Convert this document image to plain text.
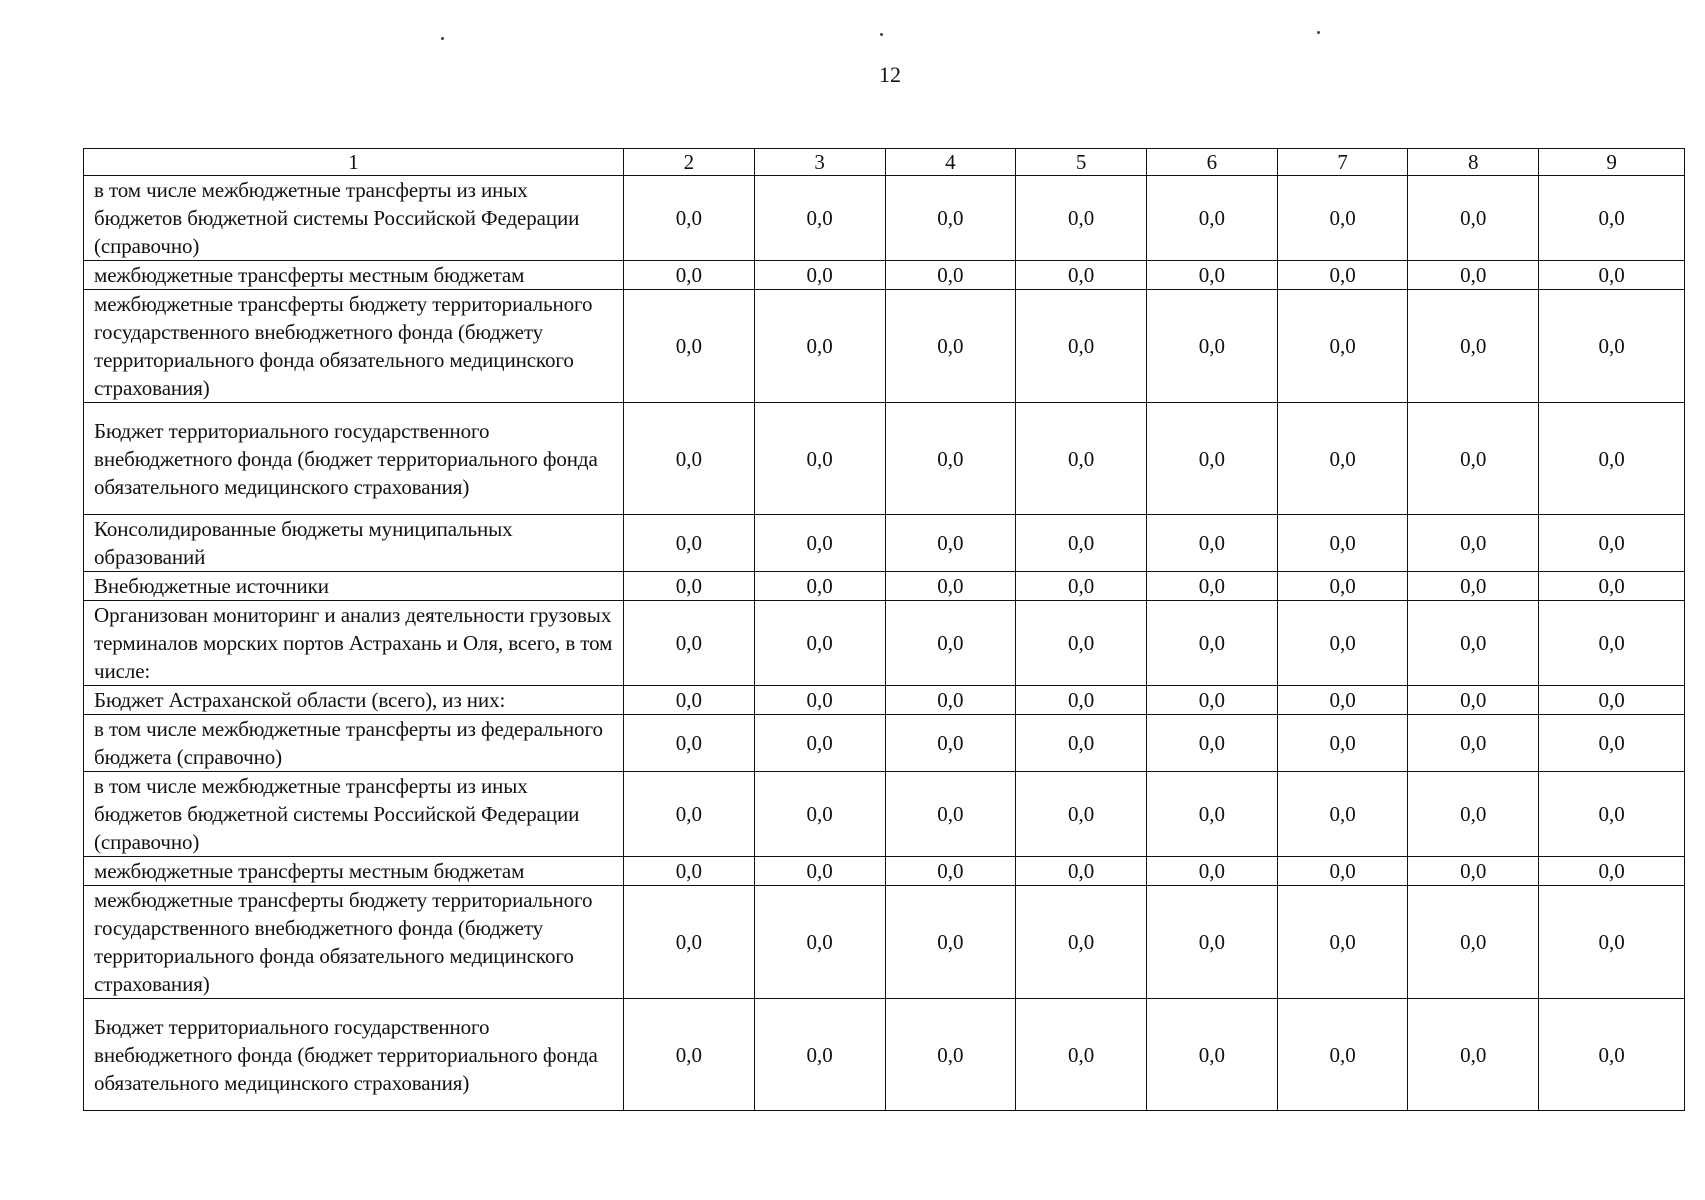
12
1	2	3	4	5	6	7	8	9
в том числе межбюджетные трансферты из иных бюджетов бюджетной системы Российской Федерации (справочно)	0,0	0,0	0,0	0,0	0,0	0,0	0,0	0,0
межбюджетные трансферты местным бюджетам	0,0	0,0	0,0	0,0	0,0	0,0	0,0	0,0
межбюджетные трансферты бюджету территориального государственного внебюджетного фонда (бюджету территориального фонда обязательного медицинского страхования)	0,0	0,0	0,0	0,0	0,0	0,0	0,0	0,0
Бюджет территориального государственного внебюджетного фонда (бюджет территориального фонда обязательного медицинского страхования)	0,0	0,0	0,0	0,0	0,0	0,0	0,0	0,0
Консолидированные бюджеты муниципальных образований	0,0	0,0	0,0	0,0	0,0	0,0	0,0	0,0
Внебюджетные источники	0,0	0,0	0,0	0,0	0,0	0,0	0,0	0,0
Организован мониторинг и анализ деятельности грузовых терминалов морских портов Астрахань и Оля, всего, в том числе:	0,0	0,0	0,0	0,0	0,0	0,0	0,0	0,0
Бюджет Астраханской области (всего), из них:	0,0	0,0	0,0	0,0	0,0	0,0	0,0	0,0
в том числе межбюджетные трансферты из федерального бюджета (справочно)	0,0	0,0	0,0	0,0	0,0	0,0	0,0	0,0
в том числе межбюджетные трансферты из иных бюджетов бюджетной системы Российской Федерации (справочно)	0,0	0,0	0,0	0,0	0,0	0,0	0,0	0,0
межбюджетные трансферты местным бюджетам	0,0	0,0	0,0	0,0	0,0	0,0	0,0	0,0
межбюджетные трансферты бюджету территориального государственного внебюджетного фонда (бюджету территориального фонда обязательного медицинского страхования)	0,0	0,0	0,0	0,0	0,0	0,0	0,0	0,0
Бюджет территориального государственного внебюджетного фонда (бюджет территориального фонда обязательного медицинского страхования)	0,0	0,0	0,0	0,0	0,0	0,0	0,0	0,0
